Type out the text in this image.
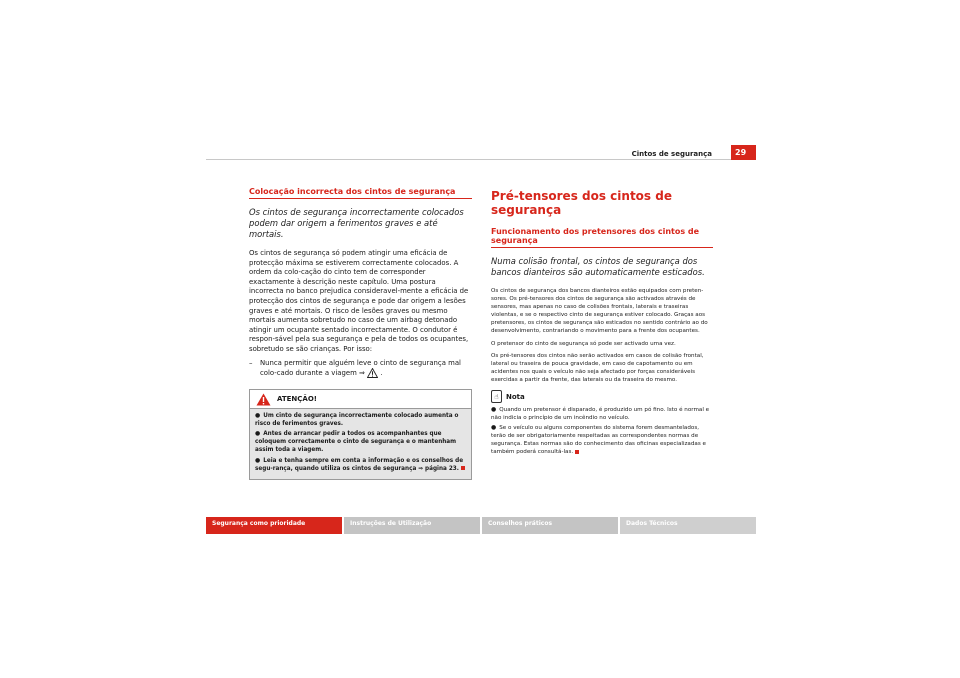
Cintos de segurança	29
Colocação incorrecta dos cintos de segurança

Os cintos de segurança incorrectamente colocados podem dar origem a ferimentos graves e até mortais.

Os cintos de segurança só podem atingir uma eficácia de protecção máxima se estiverem correctamente colocados. A ordem da colo-cação do cinto tem de corresponder exactamente à descrição neste capítulo. Uma postura incorrecta no banco prejudica consideravel-mente a eficácia de protecção dos cintos de segurança e pode dar origem a lesões graves e até mortais. O risco de lesões graves ou mesmo mortais aumenta sobretudo no caso de um airbag detonado atingir um ocupante sentado incorrectamente. O condutor é respon-sável pela sua segurança e pela de todos os ocupantes, sobretudo se são crianças. Por isso:

–	Nunca permitir que alguém leve o cinto de segurança mal colo-cado durante a viagem ⇒ .
ATENÇÃO!

● Um cinto de segurança incorrectamente colocado aumenta o risco de ferimentos graves.

● Antes de arrancar pedir a todos os acompanhantes que coloquem correctamente o cinto de segurança e o mantenham assim toda a viagem.

● Leia e tenha sempre em conta a informação e os conselhos de segu-rança, quando utiliza os cintos de segurança ⇒ página 23.

Pré-tensores dos cintos de segurança
Funcionamento dos pretensores dos cintos de segurança

Numa colisão frontal, os cintos de segurança dos bancos dianteiros são automaticamente esticados.

Os cintos de segurança dos bancos dianteiros estão equipados com preten-sores. Os pré-tensores dos cintos de segurança são activados através de sensores, mas apenas no caso de colisões frontais, laterais e traseiras violentas, e se o respectivo cinto de segurança estiver colocado. Graças aos pretensores, os cintos de segurança são esticados no sentido contrário ao do desenvolvimento, contrariando o movimento para a frente dos ocupantes.

O pretensor do cinto de segurança só pode ser activado uma vez.

Os pré-tensores dos cintos não serão activados em casos de colisão frontal, lateral ou traseira de pouca gravidade, em caso de capotamento ou em acidentes nos quais o veículo não seja afectado por forças consideráveis exercidas a partir da frente, das laterais ou da traseira do mesmo.

☝	Nota

● Quando um pretensor é disparado, é produzido um pó fino. Isto é normal e não indicia o princípio de um incêndio no veículo.

● Se o veículo ou alguns componentes do sistema forem desmantelados, terão de ser obrigatoriamente respeitadas as correspondentes normas de segurança. Estas normas são do conhecimento das oficinas especializadas e também poderá consultá-las.

Segurança como prioridade	Instruções de Utilização	Conselhos práticos	Dados Técnicos
